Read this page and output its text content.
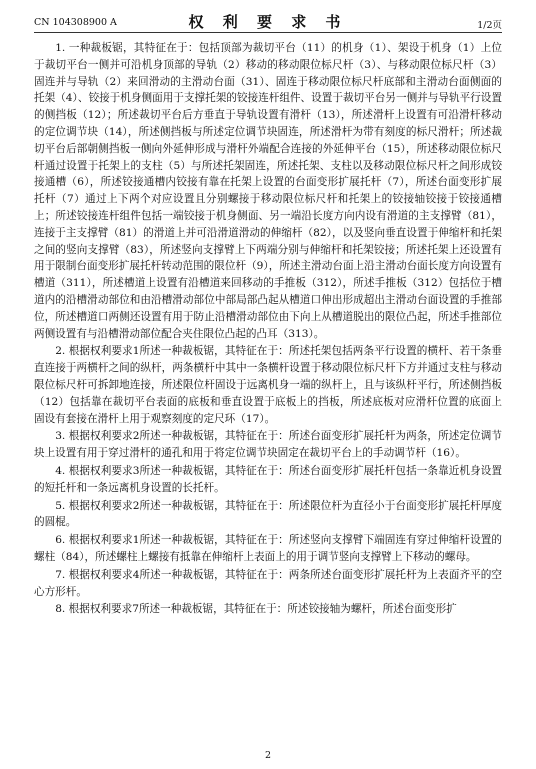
CN 104308900 A	权 利 要 求 书	1/2页

1. 一种裁板锯，其特征在于：包括顶部为裁切平台（11）的机身（1）、架设于机身（1）上位于裁切平台一侧并可沿机身顶部的导轨（2）移动的移动限位标尺杆（3）、与移动限位标尺杆（3）固连并与导轨（2）来回滑动的主滑动台面（31）、固连于移动限位标尺杆底部和主滑动台面侧面的托架（4）、铰接于机身侧面用于支撑托架的铰接连杆组件、设置于裁切平台另一侧并与导轨平行设置的侧挡板（12）；所述裁切平台后方垂直于导轨设置有滑杆（13），所述滑杆上设置有可沿滑杆移动的定位调节块（14），所述侧挡板与所述定位调节块固连，所述滑杆为带有刻度的标尺滑杆；所述裁切平台后部朝侧挡板一侧向外延伸形成与滑杆外端配合连接的外延伸平台（15），所述移动限位标尺杆通过设置于托架上的支柱（5）与所述托架固连，所述托架、支柱以及移动限位标尺杆之间形成铰接通槽（6），所述铰接通槽内铰接有靠在托架上设置的台面变形扩展托杆（7），所述台面变形扩展托杆（7）通过上下两个对应设置且分别螺接于移动限位标尺杆和托架上的铰接轴铰接于铰接通槽上；所述铰接连杆组件包括一端铰接于机身侧面、另一端沿长度方向内设有滑道的主支撑臂（81），连接于主支撑臂（81）的滑道上并可沿滑道滑动的伸缩杆（82），以及竖向垂直设置于伸缩杆和托架之间的竖向支撑臂（83），所述竖向支撑臂上下两端分别与伸缩杆和托架铰接；所述托架上还设置有用于限制台面变形扩展托杆转动范围的限位杆（9），所述主滑动台面上沿主滑动台面长度方向设置有槽道（311），所述槽道上设置有沿槽道来回移动的手推板（312），所述手推板（312）包括位于槽道内的沿槽滑动部位和由沿槽滑动部位中部局部凸起从槽道口伸出形成超出主滑动台面设置的手推部位，所述槽道口两侧还设置有用于防止沿槽滑动部位由下向上从槽道脱出的限位凸起，所述手推部位两侧设置有与沿槽滑动部位配合夹住限位凸起的凸耳（313）。

2. 根据权利要求1所述一种裁板锯，其特征在于：所述托架包括两条平行设置的横杆、若干条垂直连接于两横杆之间的纵杆，两条横杆中其中一条横杆设置于移动限位标尺杆下方并通过支柱与移动限位标尺杆可拆卸地连接，所述限位杆固设于远离机身一端的纵杆上，且与该纵杆平行，所述侧挡板（12）包括靠在裁切平台表面的底板和垂直设置于底板上的挡板，所述底板对应滑杆位置的底面上固设有套接在滑杆上用于观察刻度的定尺环（17）。

3. 根据权利要求2所述一种裁板锯，其特征在于：所述台面变形扩展托杆为两条，所述定位调节块上设置有用于穿过滑杆的通孔和用于将定位调节块固定在裁切平台上的手动调节杆（16）。

4. 根据权利要求3所述一种裁板锯，其特征在于：所述台面变形扩展托杆包括一条靠近机身设置的短托杆和一条远离机身设置的长托杆。

5. 根据权利要求2所述一种裁板锯，其特征在于：所述限位杆为直径小于台面变形扩展托杆厚度的圆棍。

6. 根据权利要求1所述一种裁板锯，其特征在于：所述竖向支撑臂下端固连有穿过伸缩杆设置的螺柱（84），所述螺柱上螺接有抵靠在伸缩杆上表面上的用于调节竖向支撑臂上下移动的螺母。

7. 根据权利要求4所述一种裁板锯，其特征在于：两条所述台面变形扩展托杆为上表面齐平的空心方形杆。

8. 根据权利要求7所述一种裁板锯，其特征在于：所述铰接轴为螺杆，所述台面变形扩

2
